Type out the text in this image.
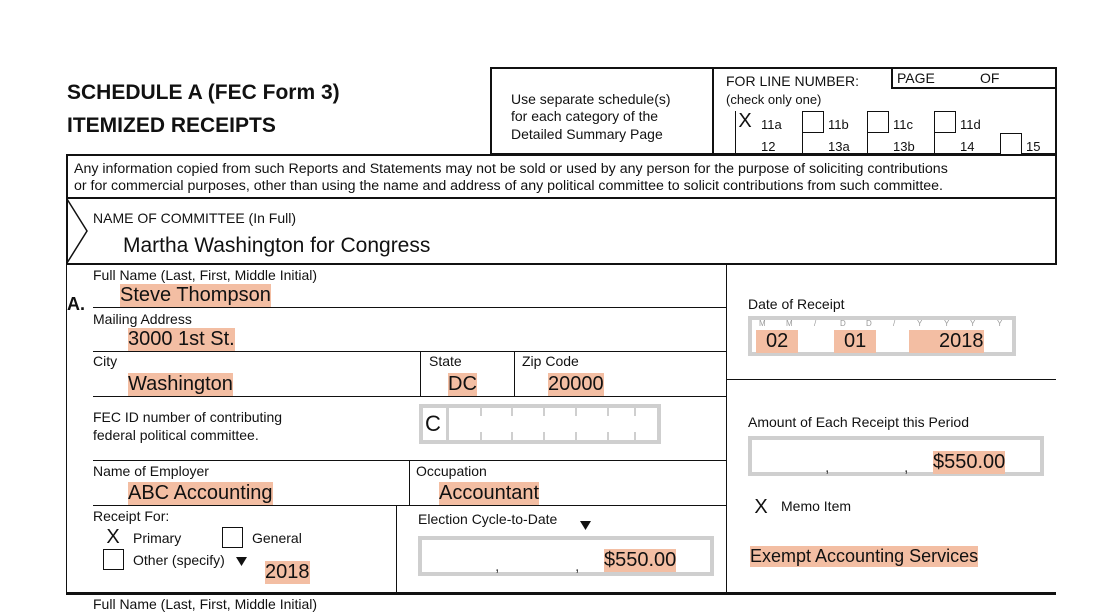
SCHEDULE A (FEC Form 3)
ITEMIZED RECEIPTS
PAGE	OF
Use separate schedule(s)
for each category of the
Detailed Summary Page
FOR LINE NUMBER:
(check only one)
X 11a	11b	11c	11d
12	13a	13b	14	15
Any information copied from such Reports and Statements may not be sold or used by any person for the purpose of soliciting contributions
or for commercial purposes, other than using the name and address of any political committee to solicit contributions from such committee.
NAME OF COMMITTEE (In Full)
Martha Washington for Congress
A.
Full Name (Last, First, Middle Initial)
Steve Thompson
Mailing Address
3000 1st St.
City
Washington
State
DC
Zip Code
20000
FEC ID number of contributing
federal political committee.	C
Name of Employer
ABC Accounting
Occupation
Accountant
Receipt For:
X Primary	General
Other (specify)
2018
Election Cycle-to-Date
$550.00
,	,
Date of Receipt
M	M	/	D	D	/	Y	Y	Y	Y
02	01	2018
Amount of Each Receipt this Period
$550.00
,	,
X Memo Item
Exempt Accounting Services
Full Name (Last, First, Middle Initial)
